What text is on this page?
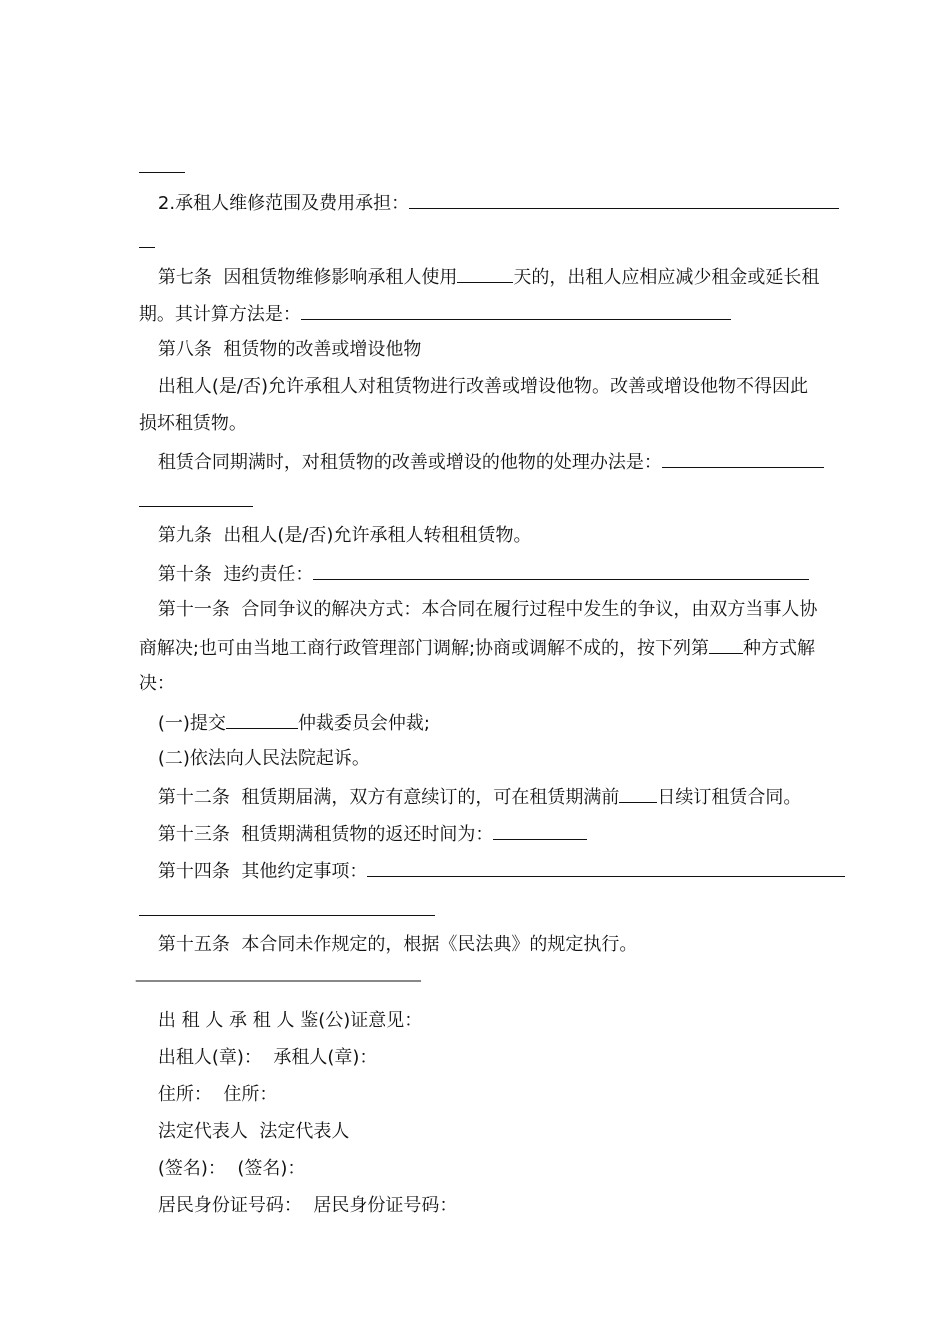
2.承租人维修范围及费用承担：

第七条  因租赁物维修影响承租人使用	天的，出租人应相应减少租金或延长租

期。其计算方法是：

第八条  租赁物的改善或增设他物

出租人(是/否)允许承租人对租赁物进行改善或增设他物。改善或增设他物不得因此

损坏租赁物。

租赁合同期满时，对租赁物的改善或增设的他物的处理办法是：

第九条  出租人(是/否)允许承租人转租租赁物。

第十条  违约责任：

第十一条  合同争议的解决方式：本合同在履行过程中发生的争议，由双方当事人协

商解决;也可由当地工商行政管理部门调解;协商或调解不成的，按下列第 种方式解

决：

(一)提交	仲裁委员会仲裁;

(二)依法向人民法院起诉。

第十二条  租赁期届满，双方有意续订的，可在租赁期满前 日续订租赁合同。

第十三条  租赁期满租赁物的返还时间为：

第十四条  其他约定事项：

第十五条  本合同未作规定的，根据《民法典》的规定执行。

————————————————————————————————

出 租 人 承 租 人 鉴(公)证意见：

出租人(章)：  承租人(章)：

住所：  住所：

法定代表人  法定代表人

(签名)：  (签名)：

居民身份证号码：  居民身份证号码：
